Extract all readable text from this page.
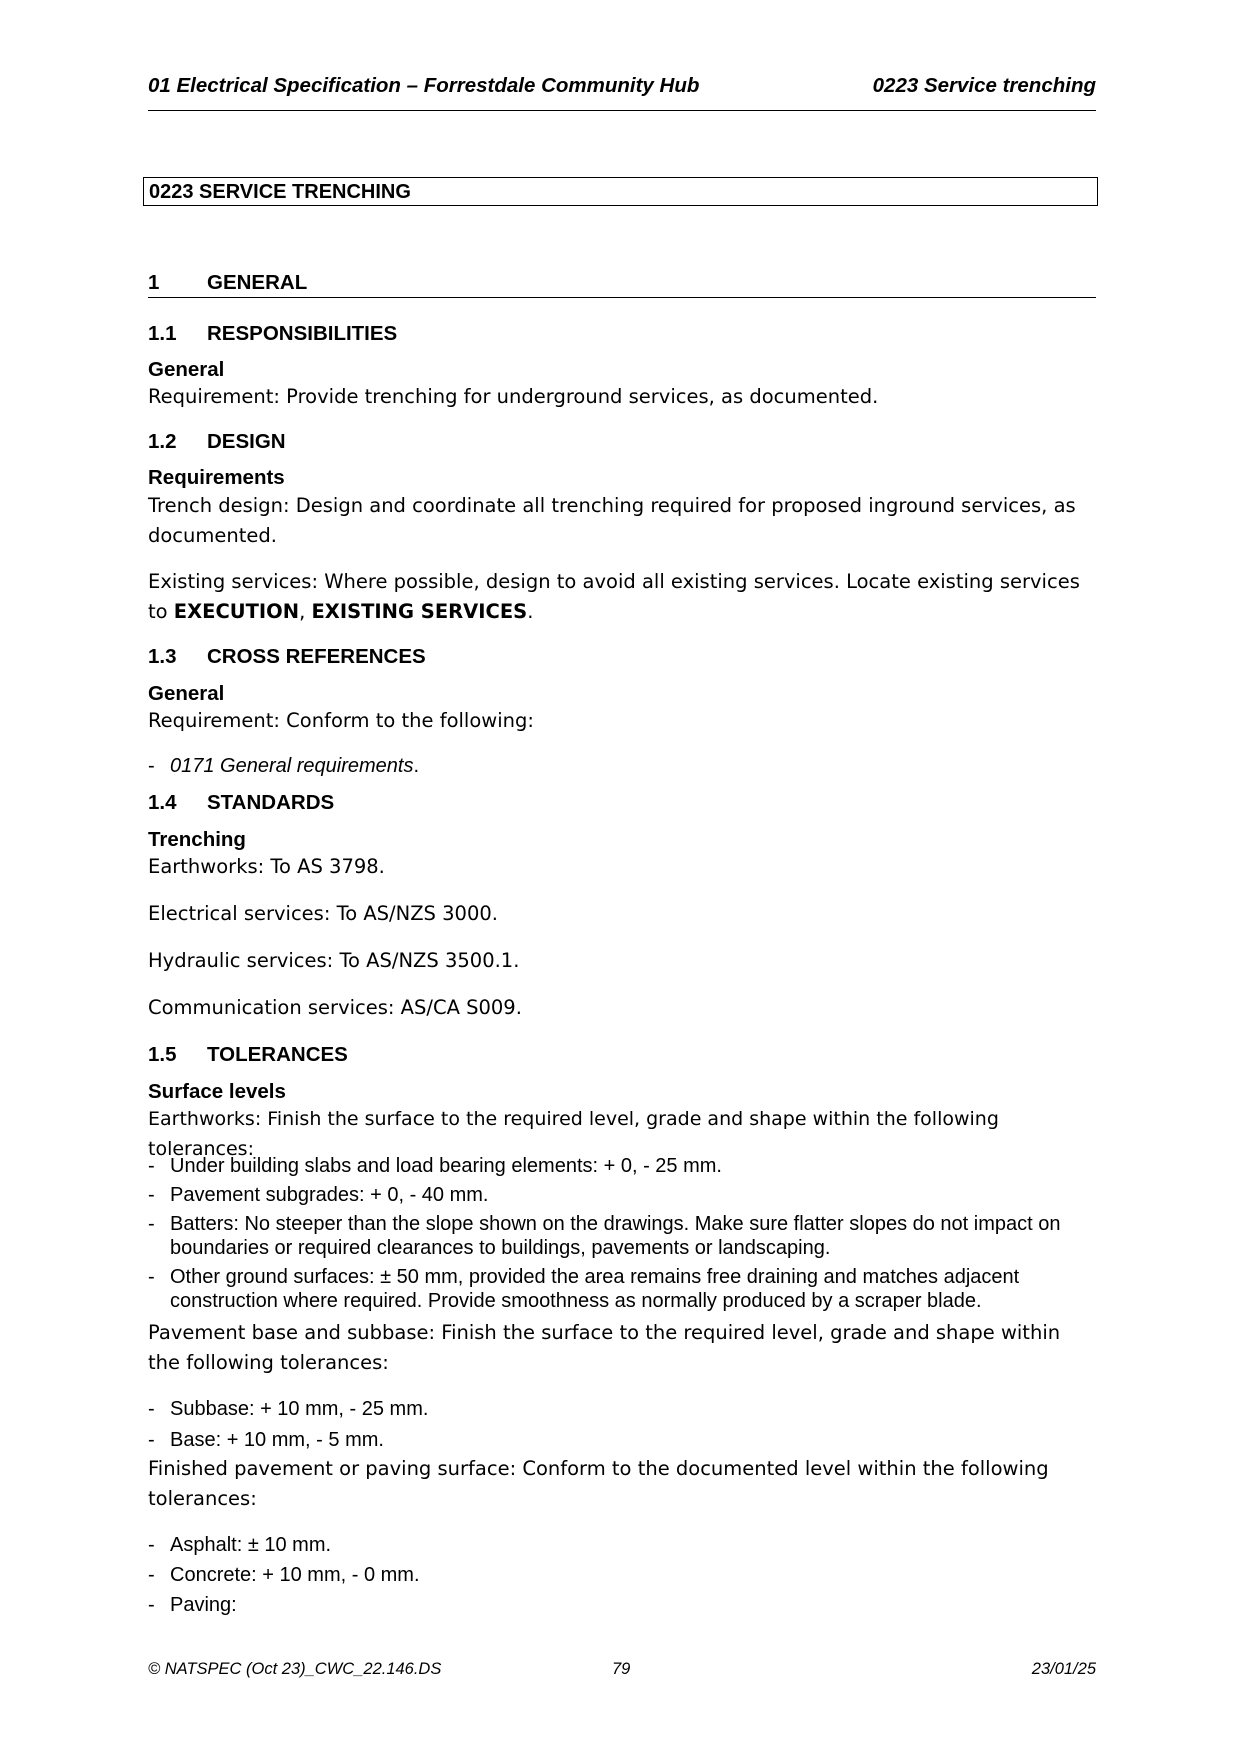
01 Electrical Specification – Forrestdale Community Hub	0223 Service trenching
0223 SERVICE TRENCHING
1 GENERAL
1.1 RESPONSIBILITIES
General

Requirement: Provide trenching for underground services, as documented.

1.2 DESIGN
Requirements

Trench design: Design and coordinate all trenching required for proposed inground services, as documented.

Existing services: Where possible, design to avoid all existing services. Locate existing services to EXECUTION, EXISTING SERVICES.

1.3 CROSS REFERENCES
General

Requirement: Conform to the following:

- 0171 General requirements.
1.4 STANDARDS
Trenching

Earthworks: To AS 3798.

Electrical services: To AS/NZS 3000.

Hydraulic services: To AS/NZS 3500.1.

Communication services: AS/CA S009.

1.5 TOLERANCES
Surface levels

Earthworks: Finish the surface to the required level, grade and shape within the following tolerances:

- Under building slabs and load bearing elements: + 0, - 25 mm.
- Pavement subgrades: + 0, - 40 mm.
- Batters: No steeper than the slope shown on the drawings. Make sure flatter slopes do not impact on boundaries or required clearances to buildings, pavements or landscaping.
- Other ground surfaces: ± 50 mm, provided the area remains free draining and matches adjacent construction where required. Provide smoothness as normally produced by a scraper blade.

Pavement base and subbase: Finish the surface to the required level, grade and shape within the following tolerances:

- Subbase: + 10 mm, - 25 mm.
- Base: + 10 mm, - 5 mm.

Finished pavement or paving surface: Conform to the documented level within the following tolerances:

- Asphalt: ± 10 mm.
- Concrete: + 10 mm, - 0 mm.
- Paving:
© NATSPEC (Oct 23)_CWC_22.146.DS	79	23/01/25
